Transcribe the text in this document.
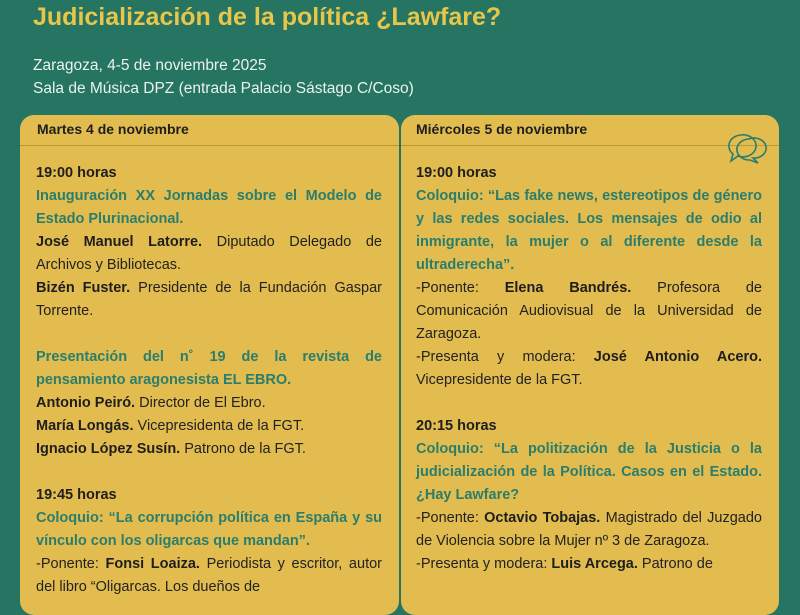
Judicialización de la política ¿Lawfare?
Zaragoza, 4-5 de noviembre 2025
Sala de Música DPZ (entrada Palacio Sástago C/Coso)
Martes 4 de noviembre

19:00 horas

Inauguración XX Jornadas sobre el Modelo de Estado Plurinacional.

José Manuel Latorre. Diputado Delegado de Archivos y Bibliotecas.

Bizén Fuster. Presidente de la Fundación Gaspar Torrente.

Presentación del n˚ 19 de la revista de pensamiento aragonesista EL EBRO.

Antonio Peiró. Director de El Ebro.

María Longás. Vicepresidenta de la FGT.

Ignacio López Susín. Patrono de la FGT.

19:45 horas

Coloquio: “La corrupción política en España y su vínculo con los oligarcas que mandan”.

-Ponente: Fonsi Loaiza. Periodista y escritor, autor del libro “Oligarcas. Los dueños de

Miércoles 5 de noviembre

19:00 horas

Coloquio: “Las fake news, estereotipos de género y las redes sociales. Los mensajes de odio al inmigrante, la mujer o al diferente desde la ultraderecha”.

-Ponente: Elena Bandrés. Profesora de Comunicación Audiovisual de la Universidad de Zaragoza.

-Presenta y modera: José Antonio Acero. Vicepresidente de la FGT.

20:15 horas

Coloquio: “La politización de la Justicia o la judicialización de la Política. Casos en el Estado. ¿Hay Lawfare?

-Ponente: Octavio Tobajas. Magistrado del Juzgado de Violencia sobre la Mujer nº 3 de Zaragoza.

-Presenta y modera: Luis Arcega. Patrono de
